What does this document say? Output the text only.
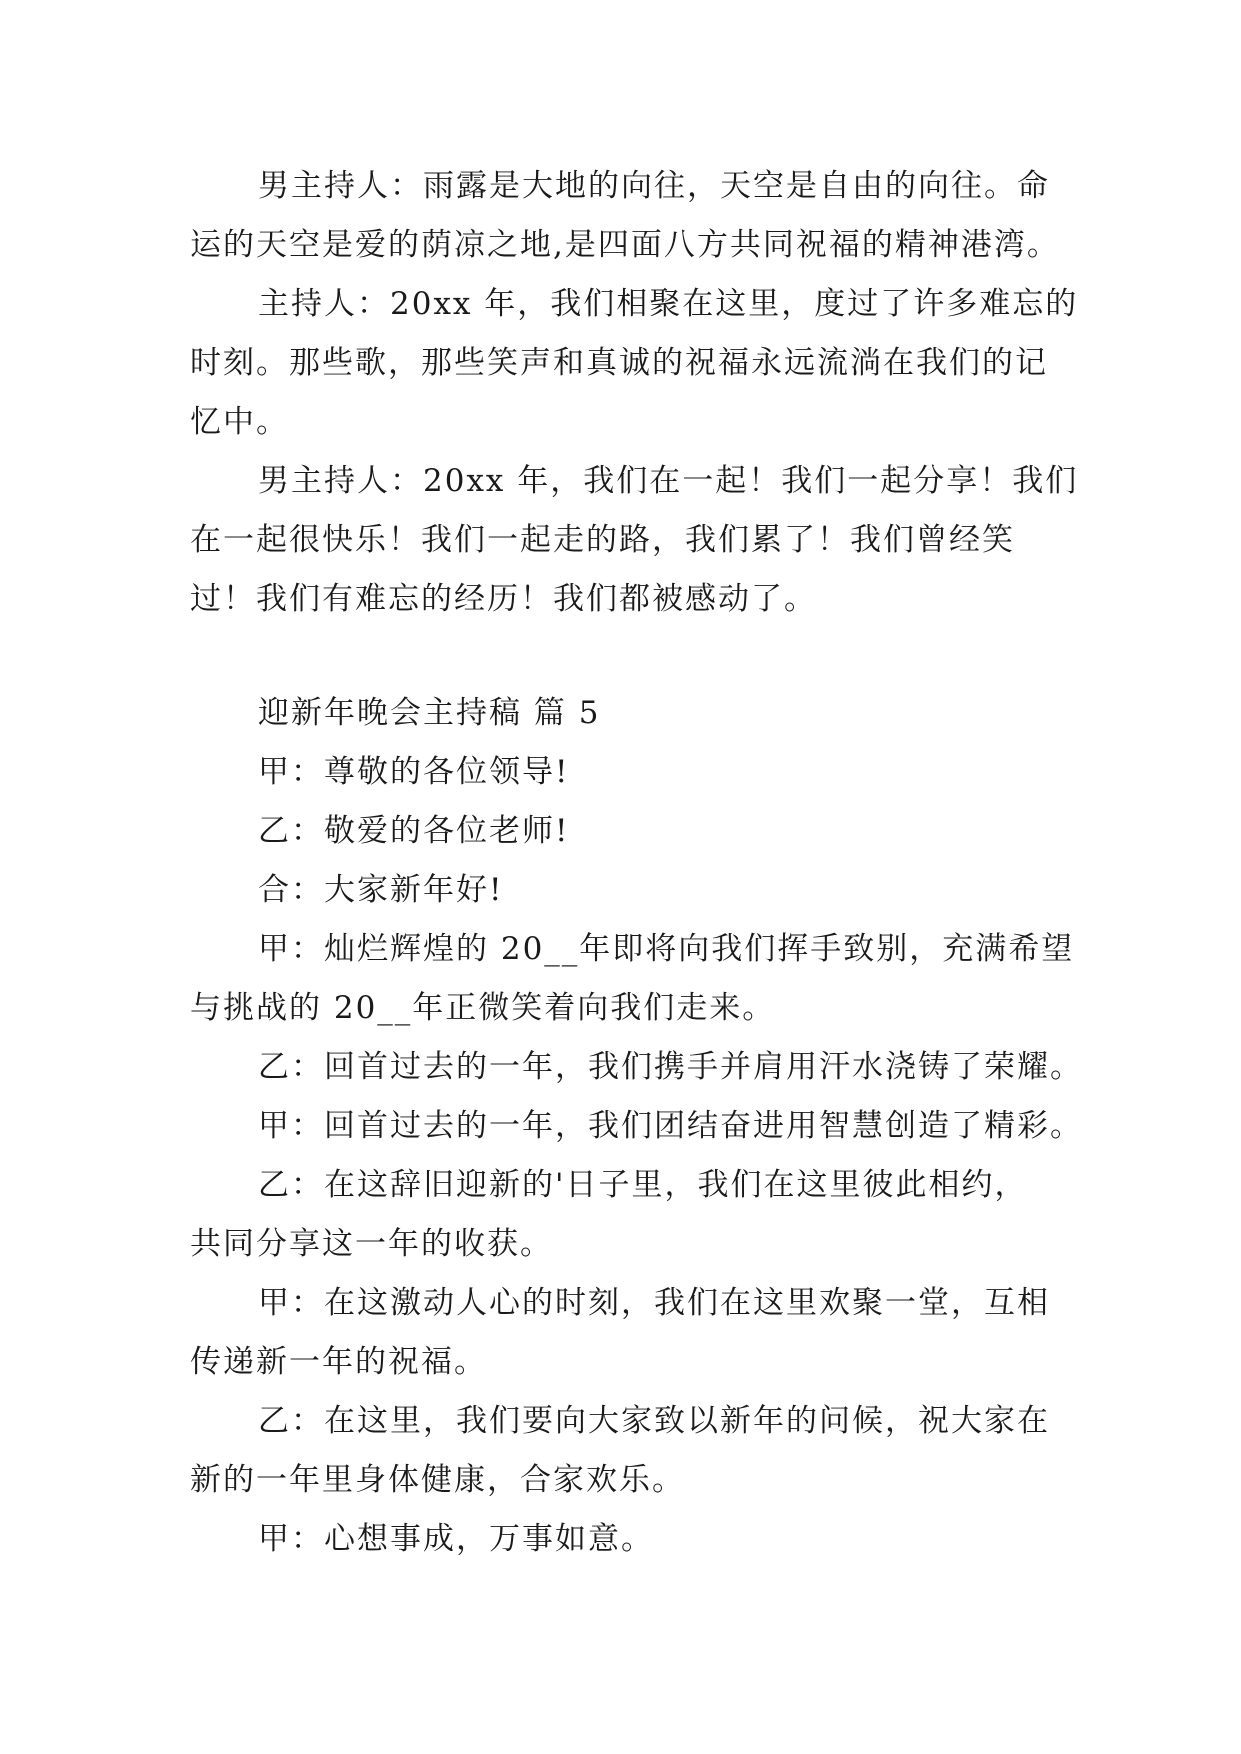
男主持人：雨露是大地的向往，天空是自由的向往。命
运的天空是爱的荫凉之地,是四面八方共同祝福的精神港湾。
主持人：20xx 年，我们相聚在这里，度过了许多难忘的
时刻。那些歌，那些笑声和真诚的祝福永远流淌在我们的记
忆中。
男主持人：20xx 年，我们在一起！我们一起分享！我们
在一起很快乐！我们一起走的路，我们累了！我们曾经笑
过！我们有难忘的经历！我们都被感动了。
迎新年晚会主持稿 篇 5
甲：尊敬的各位领导!
乙：敬爱的各位老师!
合：大家新年好!
甲：灿烂辉煌的 20__年即将向我们挥手致别，充满希望
与挑战的 20__年正微笑着向我们走来。
乙：回首过去的一年，我们携手并肩用汗水浇铸了荣耀。
甲：回首过去的一年，我们团结奋进用智慧创造了精彩。
乙：在这辞旧迎新的'日子里，我们在这里彼此相约，
共同分享这一年的收获。
甲：在这激动人心的时刻，我们在这里欢聚一堂，互相
传递新一年的祝福。
乙：在这里，我们要向大家致以新年的问候，祝大家在
新的一年里身体健康，合家欢乐。
甲：心想事成，万事如意。
